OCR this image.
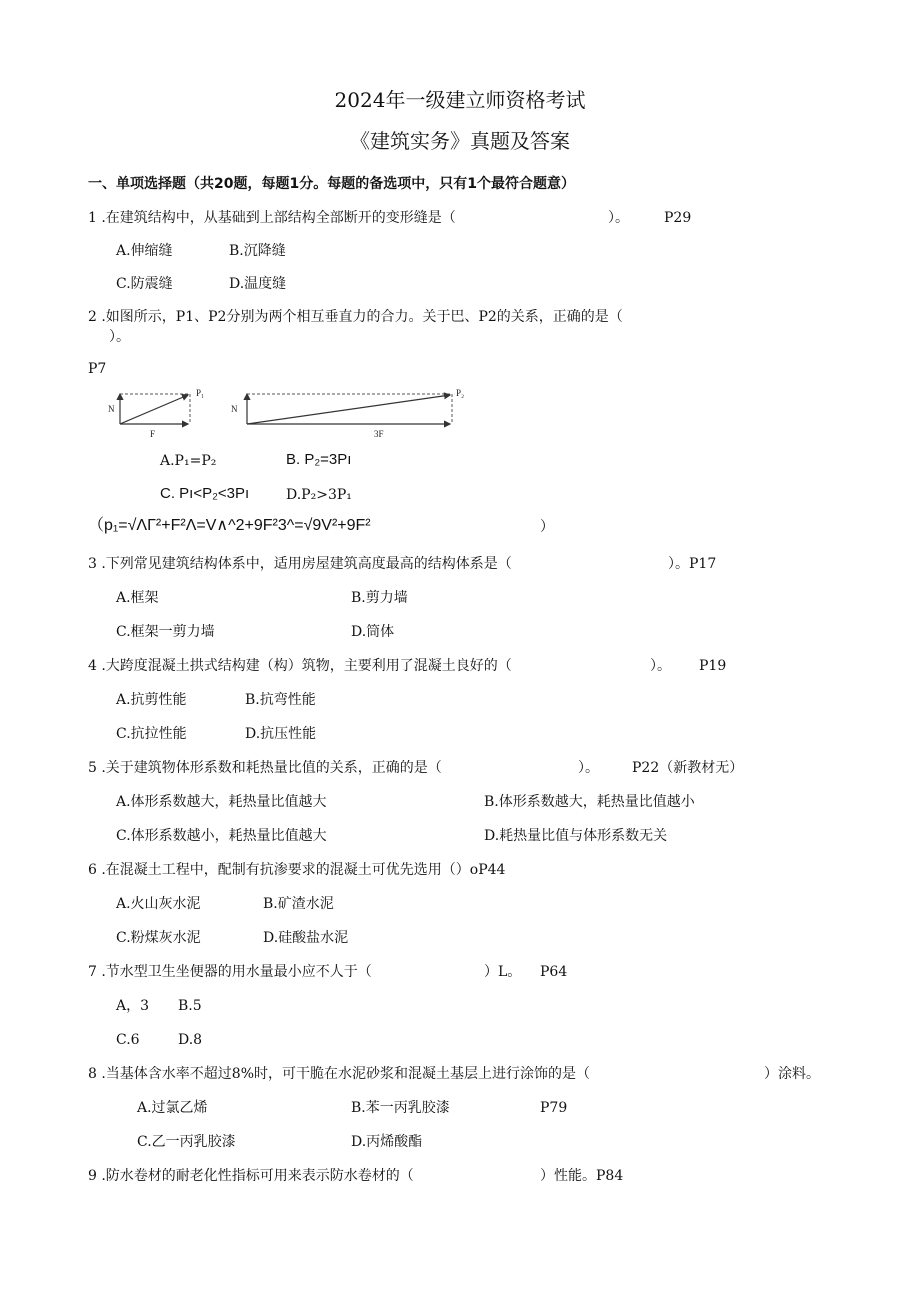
2024年一级建立师资格考试
《建筑实务》真题及答案
一、单项选择题（共20题，每题1分。每题的备选项中，只有1个最符合题意）
1 .在建筑结构中，从基础到上部结构全部断开的变形缝是（	）。	P29
A.伸缩缝	B.沉降缝
C.防震缝	D.温度缝
2 .如图所示，P1、P2分别为两个相互垂直力的合力。关于巴、P2的关系，正确的是（
）。
P7
N
F
P₁
N
3F
P₂
A.P₁=P₂	B. P₂=3Pı
C. Pı<P₂<3Pı	D.P₂>3P₁
（p₁=√ΛΓ²+F²Λ=V∧^2+9F²3^=√9V²+9F²	）
3 .下列常见建筑结构体系中，适用房屋建筑高度最高的结构体系是（	）。P17
A.框架	B.剪力墙
C.框架一剪力墙	D.筒体
4 .大跨度混凝土拱式结构建（构）筑物，主要利用了混凝土良好的（	）。 P19
A.抗剪性能	B.抗弯性能
C.抗拉性能	D.抗压性能
5 .关于建筑物体形系数和耗热量比值的关系，正确的是（	）。 P22（新教材无）
A.体形系数越大，耗热量比值越大	B.体形系数越大，耗热量比值越小
C.体形系数越小，耗热量比值越大	D.耗热量比值与体形系数无关
6 .在混凝土工程中，配制有抗渗要求的混凝土可优先选用（）oP44
A.火山灰水泥	B.矿渣水泥
C.粉煤灰水泥	D.硅酸盐水泥
7 .节水型卫生坐便器的用水量最小应不人于（	）L。 P64
A，3 B.5
C.6	D.8
8 .当基体含水率不超过8%时，可干脆在水泥砂浆和混凝土基层上进行涂饰的是（	）涂料。
A.过氯乙烯	B.苯一丙乳胶漆	P79
C.乙一丙乳胶漆	D.丙烯酸酯
9 .防水卷材的耐老化性指标可用来表示防水卷材的（	）性能。P84
